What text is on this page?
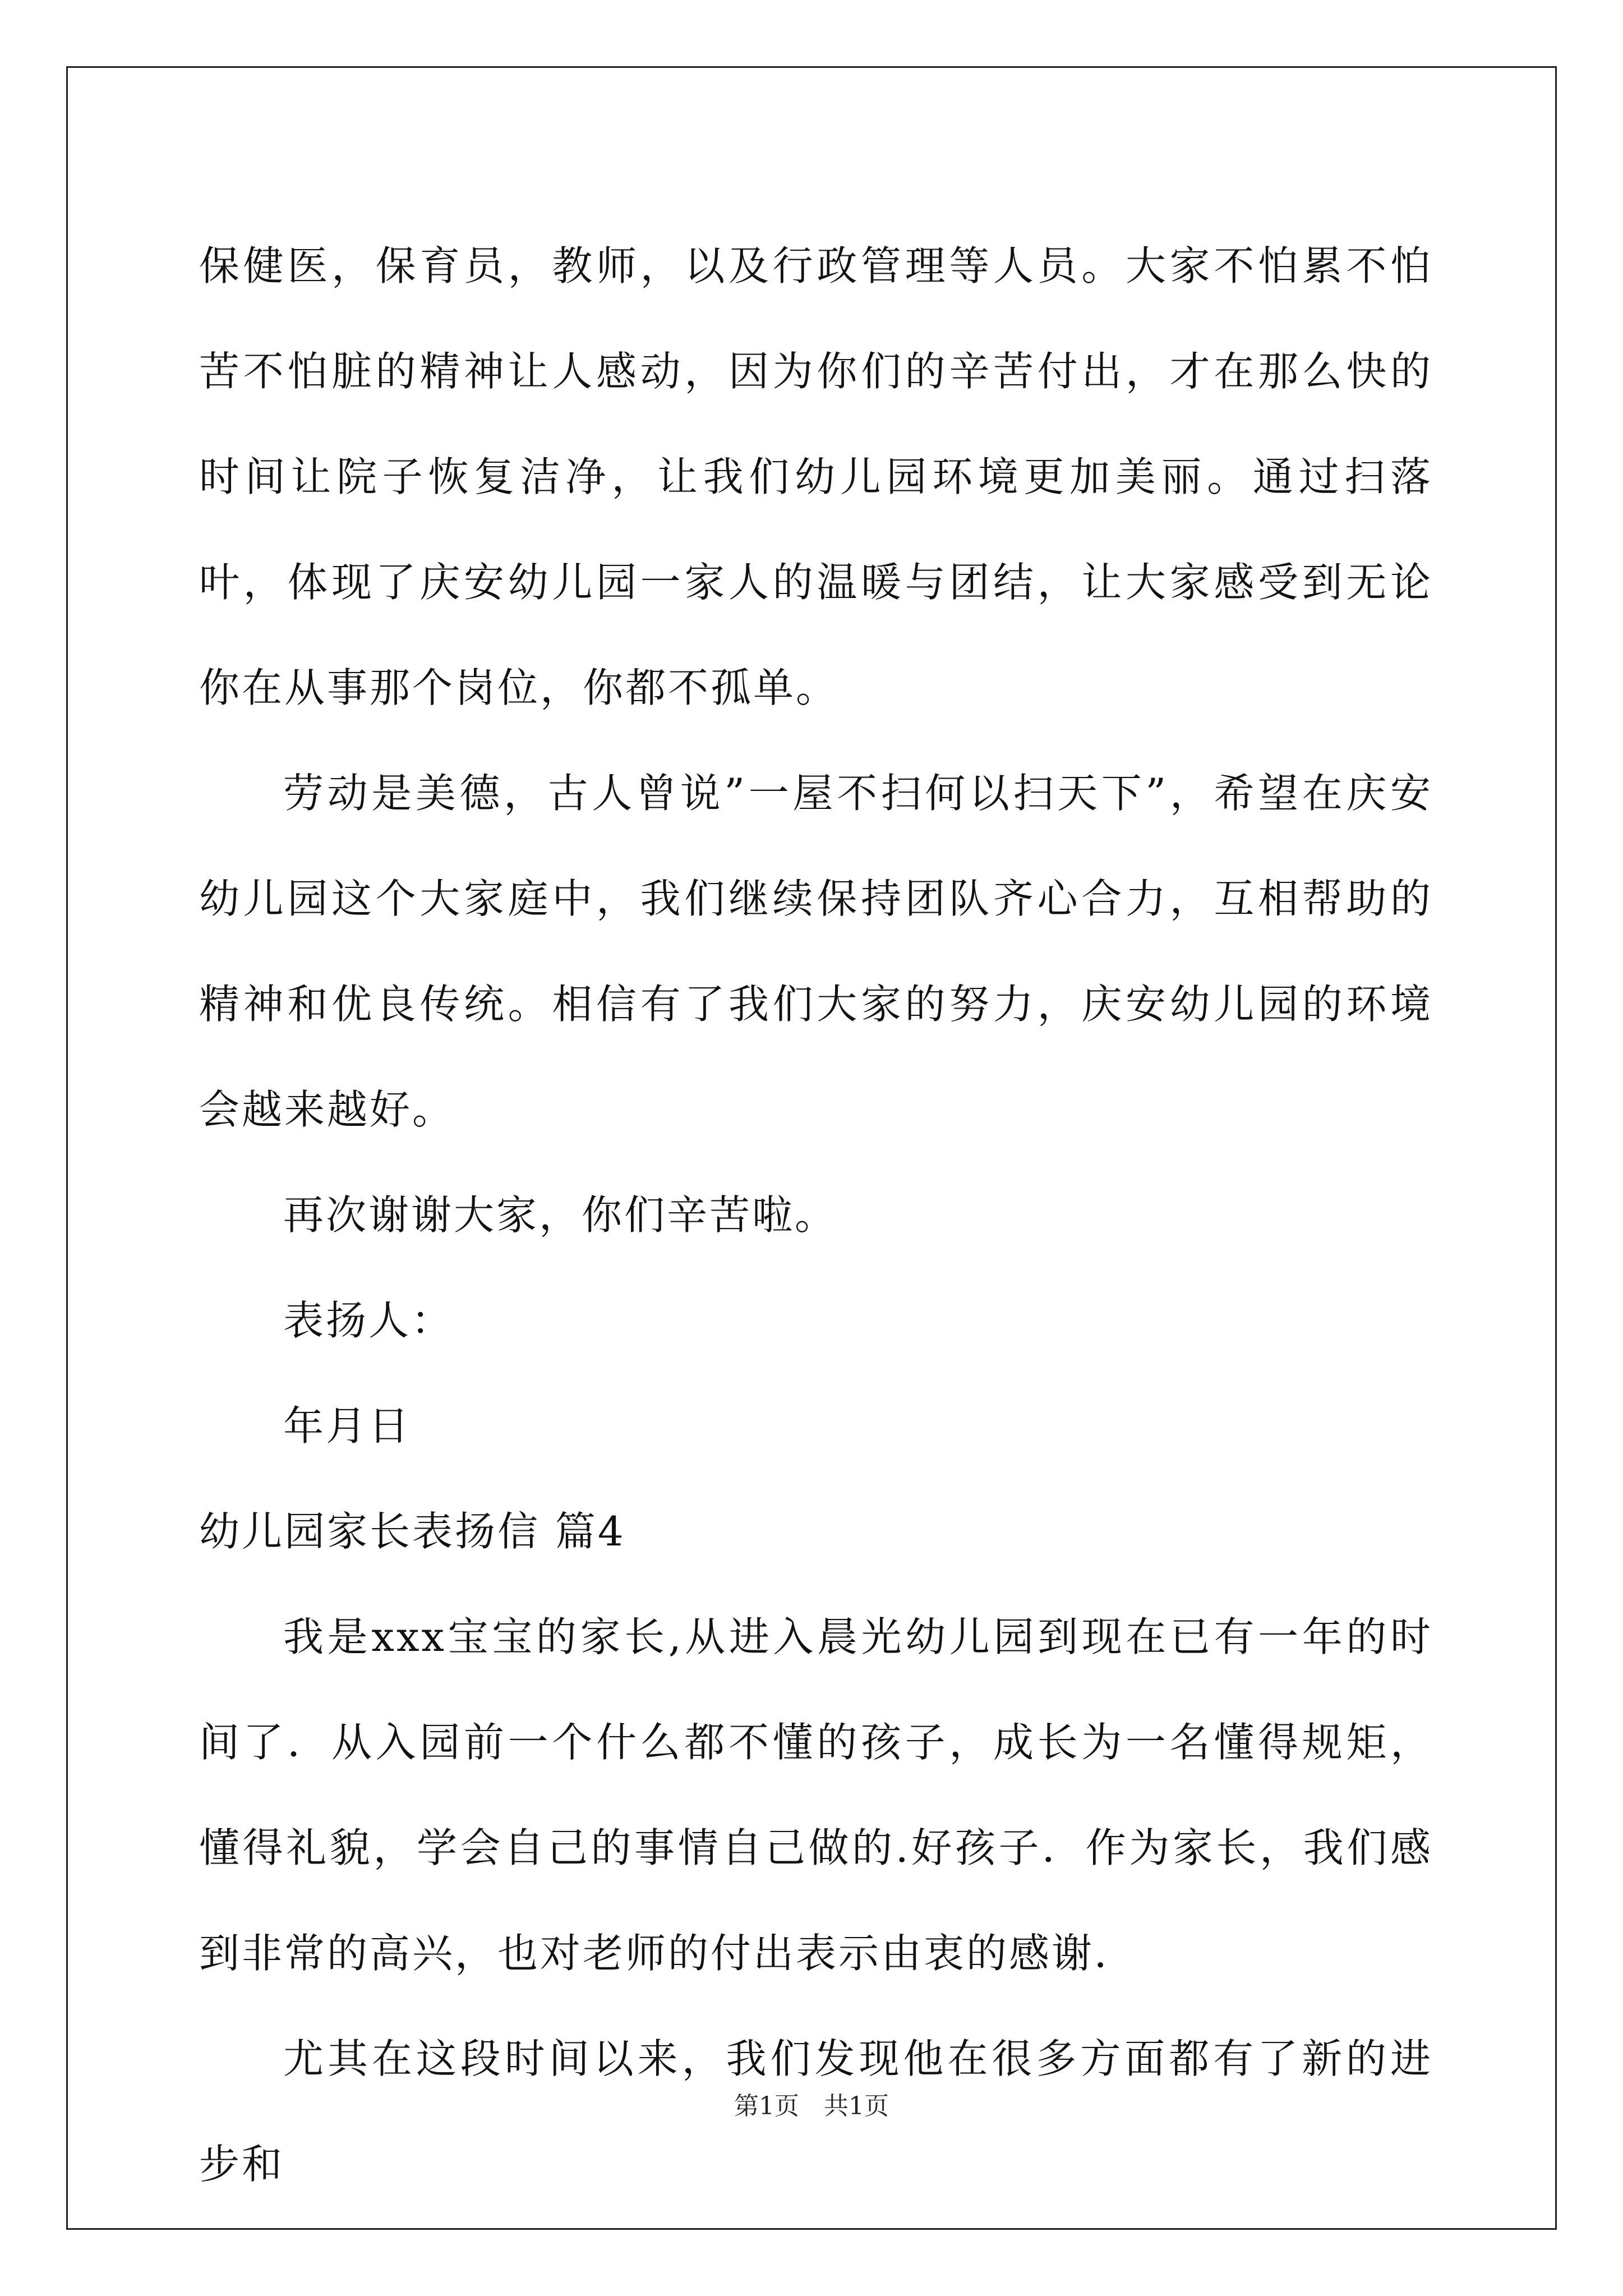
保健医，保育员，教师，以及行政管理等人员。大家不怕累不怕苦不怕脏的精神让人感动，因为你们的辛苦付出，才在那么快的时间让院子恢复洁净，让我们幼儿园环境更加美丽。通过扫落叶，体现了庆安幼儿园一家人的温暖与团结，让大家感受到无论你在从事那个岗位，你都不孤单。

劳动是美德，古人曾说”一屋不扫何以扫天下”，希望在庆安幼儿园这个大家庭中，我们继续保持团队齐心合力，互相帮助的精神和优良传统。相信有了我们大家的努力，庆安幼儿园的环境会越来越好。

再次谢谢大家，你们辛苦啦。

表扬人：

年月日

幼儿园家长表扬信 篇4

我是xxx宝宝的家长,从进入晨光幼儿园到现在已有一年的时间了．从入园前一个什么都不懂的孩子，成长为一名懂得规矩，懂得礼貌，学会自己的事情自己做的.好孩子．作为家长，我们感到非常的高兴，也对老师的付出表示由衷的感谢．

尤其在这段时间以来，我们发现他在很多方面都有了新的进步和

第1页　共1页
